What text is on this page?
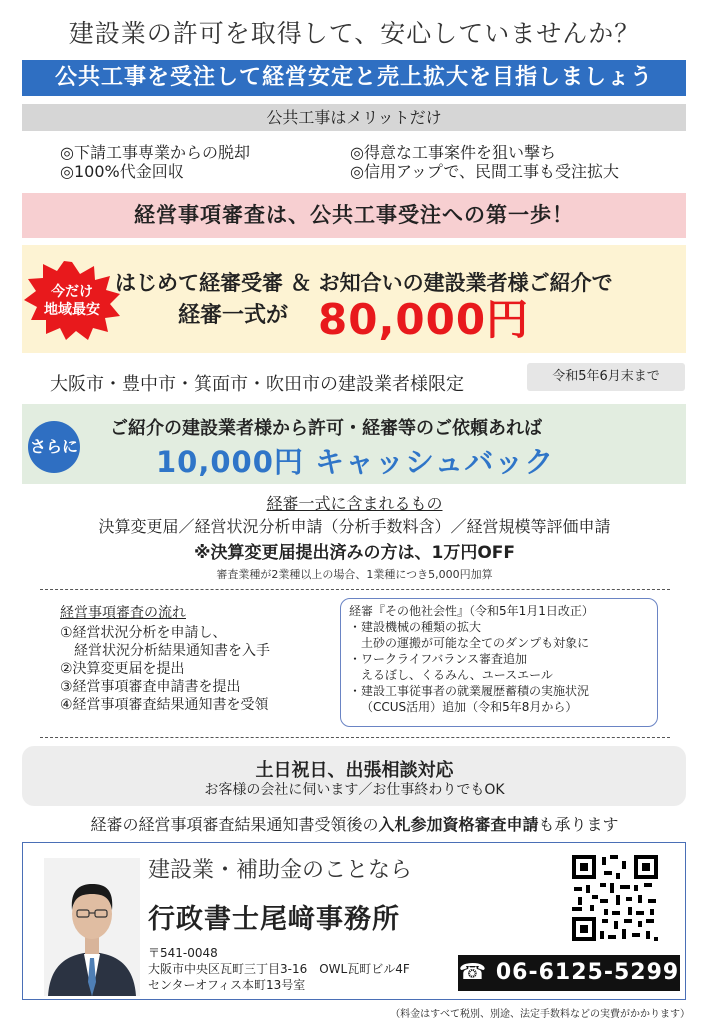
建設業の許可を取得して、安心していませんか？
公共工事を受注して経営安定と売上拡大を目指しましょう
公共工事はメリットだけ
◎下請工事専業からの脱却
◎100%代金回収
◎得意な工事案件を狙い撃ち
◎信用アップで、民間工事も受注拡大
経営事項審査は、公共工事受注への第一歩！
今だけ
地域最安
はじめて経審受審 ＆ お知合いの建設業者様ご紹介で
経審一式が 80,000円
大阪市・豊中市・箕面市・吹田市の建設業者様限定	令和5年6月末まで
さらに
ご紹介の建設業者様から許可・経審等のご依頼あれば
10,000円 キャッシュバック
経審一式に含まれるもの
決算変更届／経営状況分析申請（分析手数料含）／経営規模等評価申請
※決算変更届提出済みの方は、1万円OFF
審査業種が2業種以上の場合、1業種につき5,000円加算
経営事項審査の流れ
①経営状況分析を申請し、
経営状況分析結果通知書を入手
②決算変更届を提出
③経営事項審査申請書を提出
④経営事項審査結果通知書を受領
経審『その他社会性』（令和5年1月1日改正）
・建設機械の種類の拡大
土砂の運搬が可能な全てのダンプも対象に
・ワークライフバランス審査追加
えるぼし、くるみん、ユースエール
・建設工事従事者の就業履歴蓄積の実施状況
（CCUS活用）追加（令和5年8月から）
土日祝日、出張相談対応
お客様の会社に伺います／お仕事終わりでもOK
経審の経営事項審査結果通知書受領後の入札参加資格審査申請も承ります
建設業・補助金のことなら
行政書士尾﨑事務所
〒541-0048
大阪市中央区瓦町三丁目3-16　OWL瓦町ビル4F
センターオフィス本町13号室	☎ 06-6125-5299
（料金はすべて税別、別途、法定手数料などの実費がかかります）
